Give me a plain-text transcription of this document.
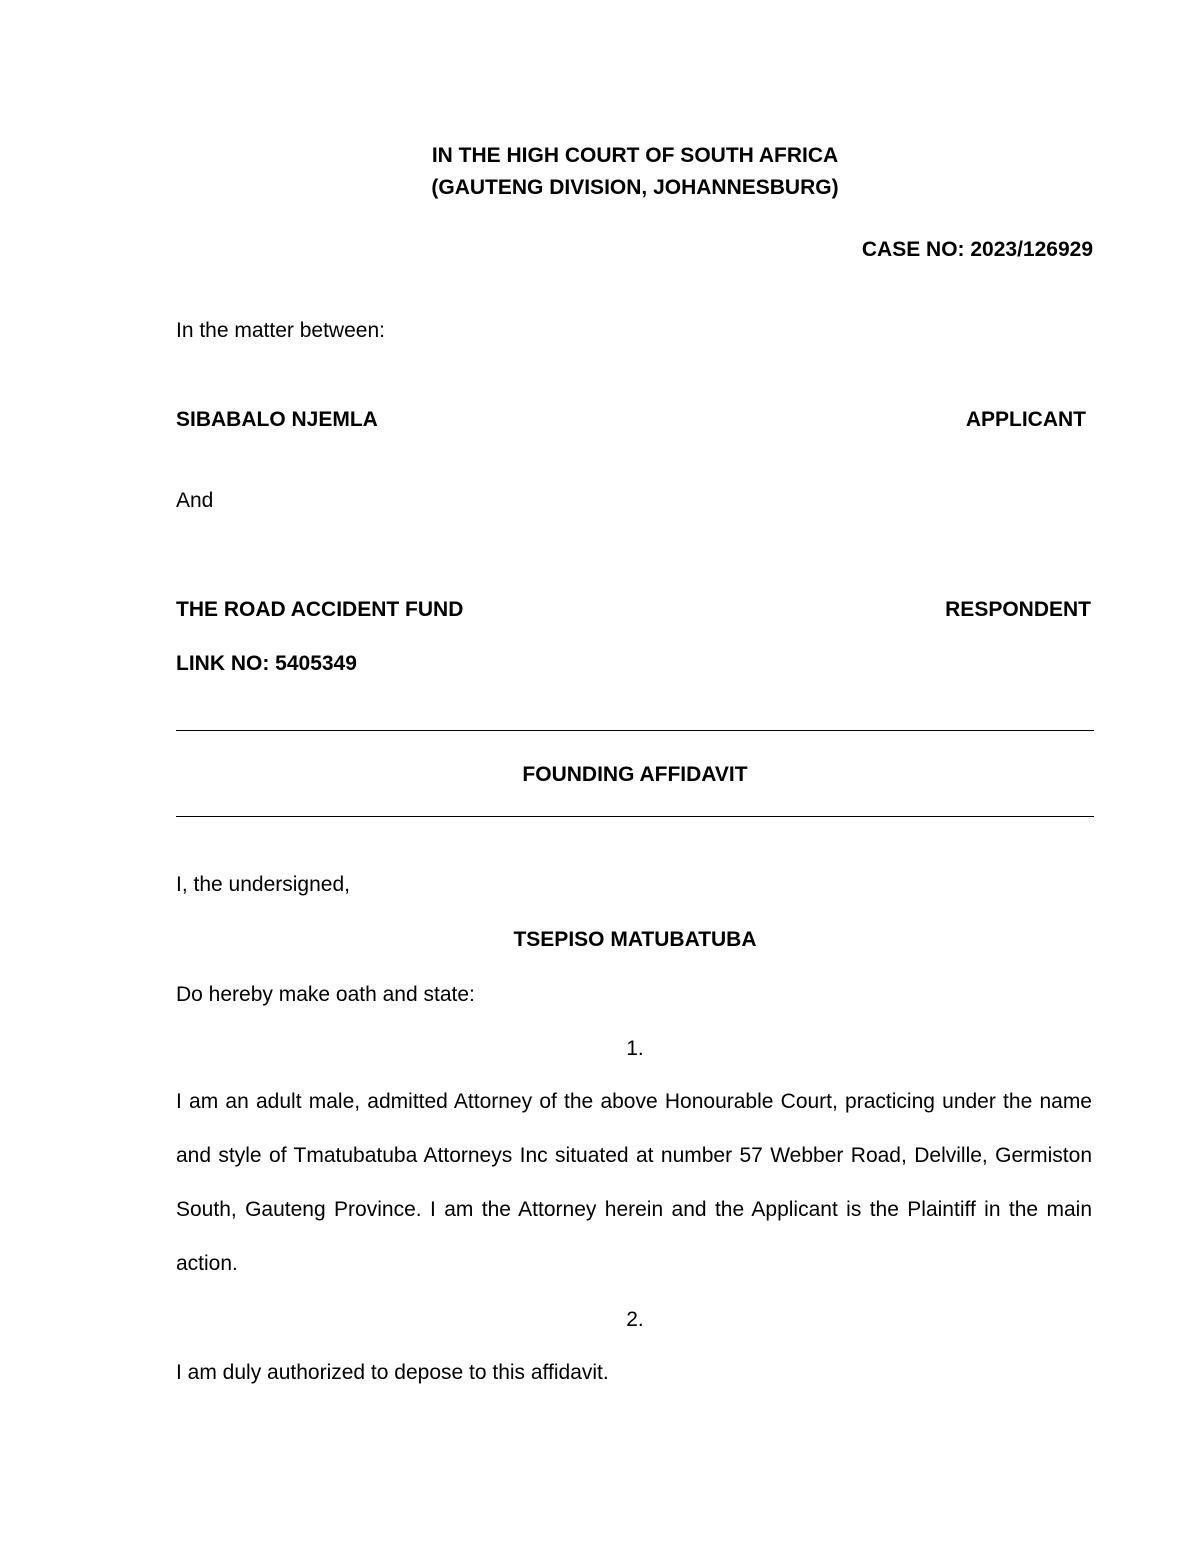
IN THE HIGH COURT OF SOUTH AFRICA
(GAUTENG DIVISION, JOHANNESBURG)
CASE NO: 2023/126929
In the matter between:
SIBABALO NJEMLA	APPLICANT
And
THE ROAD ACCIDENT FUND	RESPONDENT
LINK NO: 5405349
FOUNDING AFFIDAVIT
I, the undersigned,
TSEPISO MATUBATUBA
Do hereby make oath and state:
1.
I am an adult male, admitted Attorney of the above Honourable Court, practicing under the name and style of Tmatubatuba Attorneys Inc situated at number 57 Webber Road, Delville, Germiston South, Gauteng Province. I am the Attorney herein and the Applicant is the Plaintiff in the main action.
2.
I am duly authorized to depose to this affidavit.
